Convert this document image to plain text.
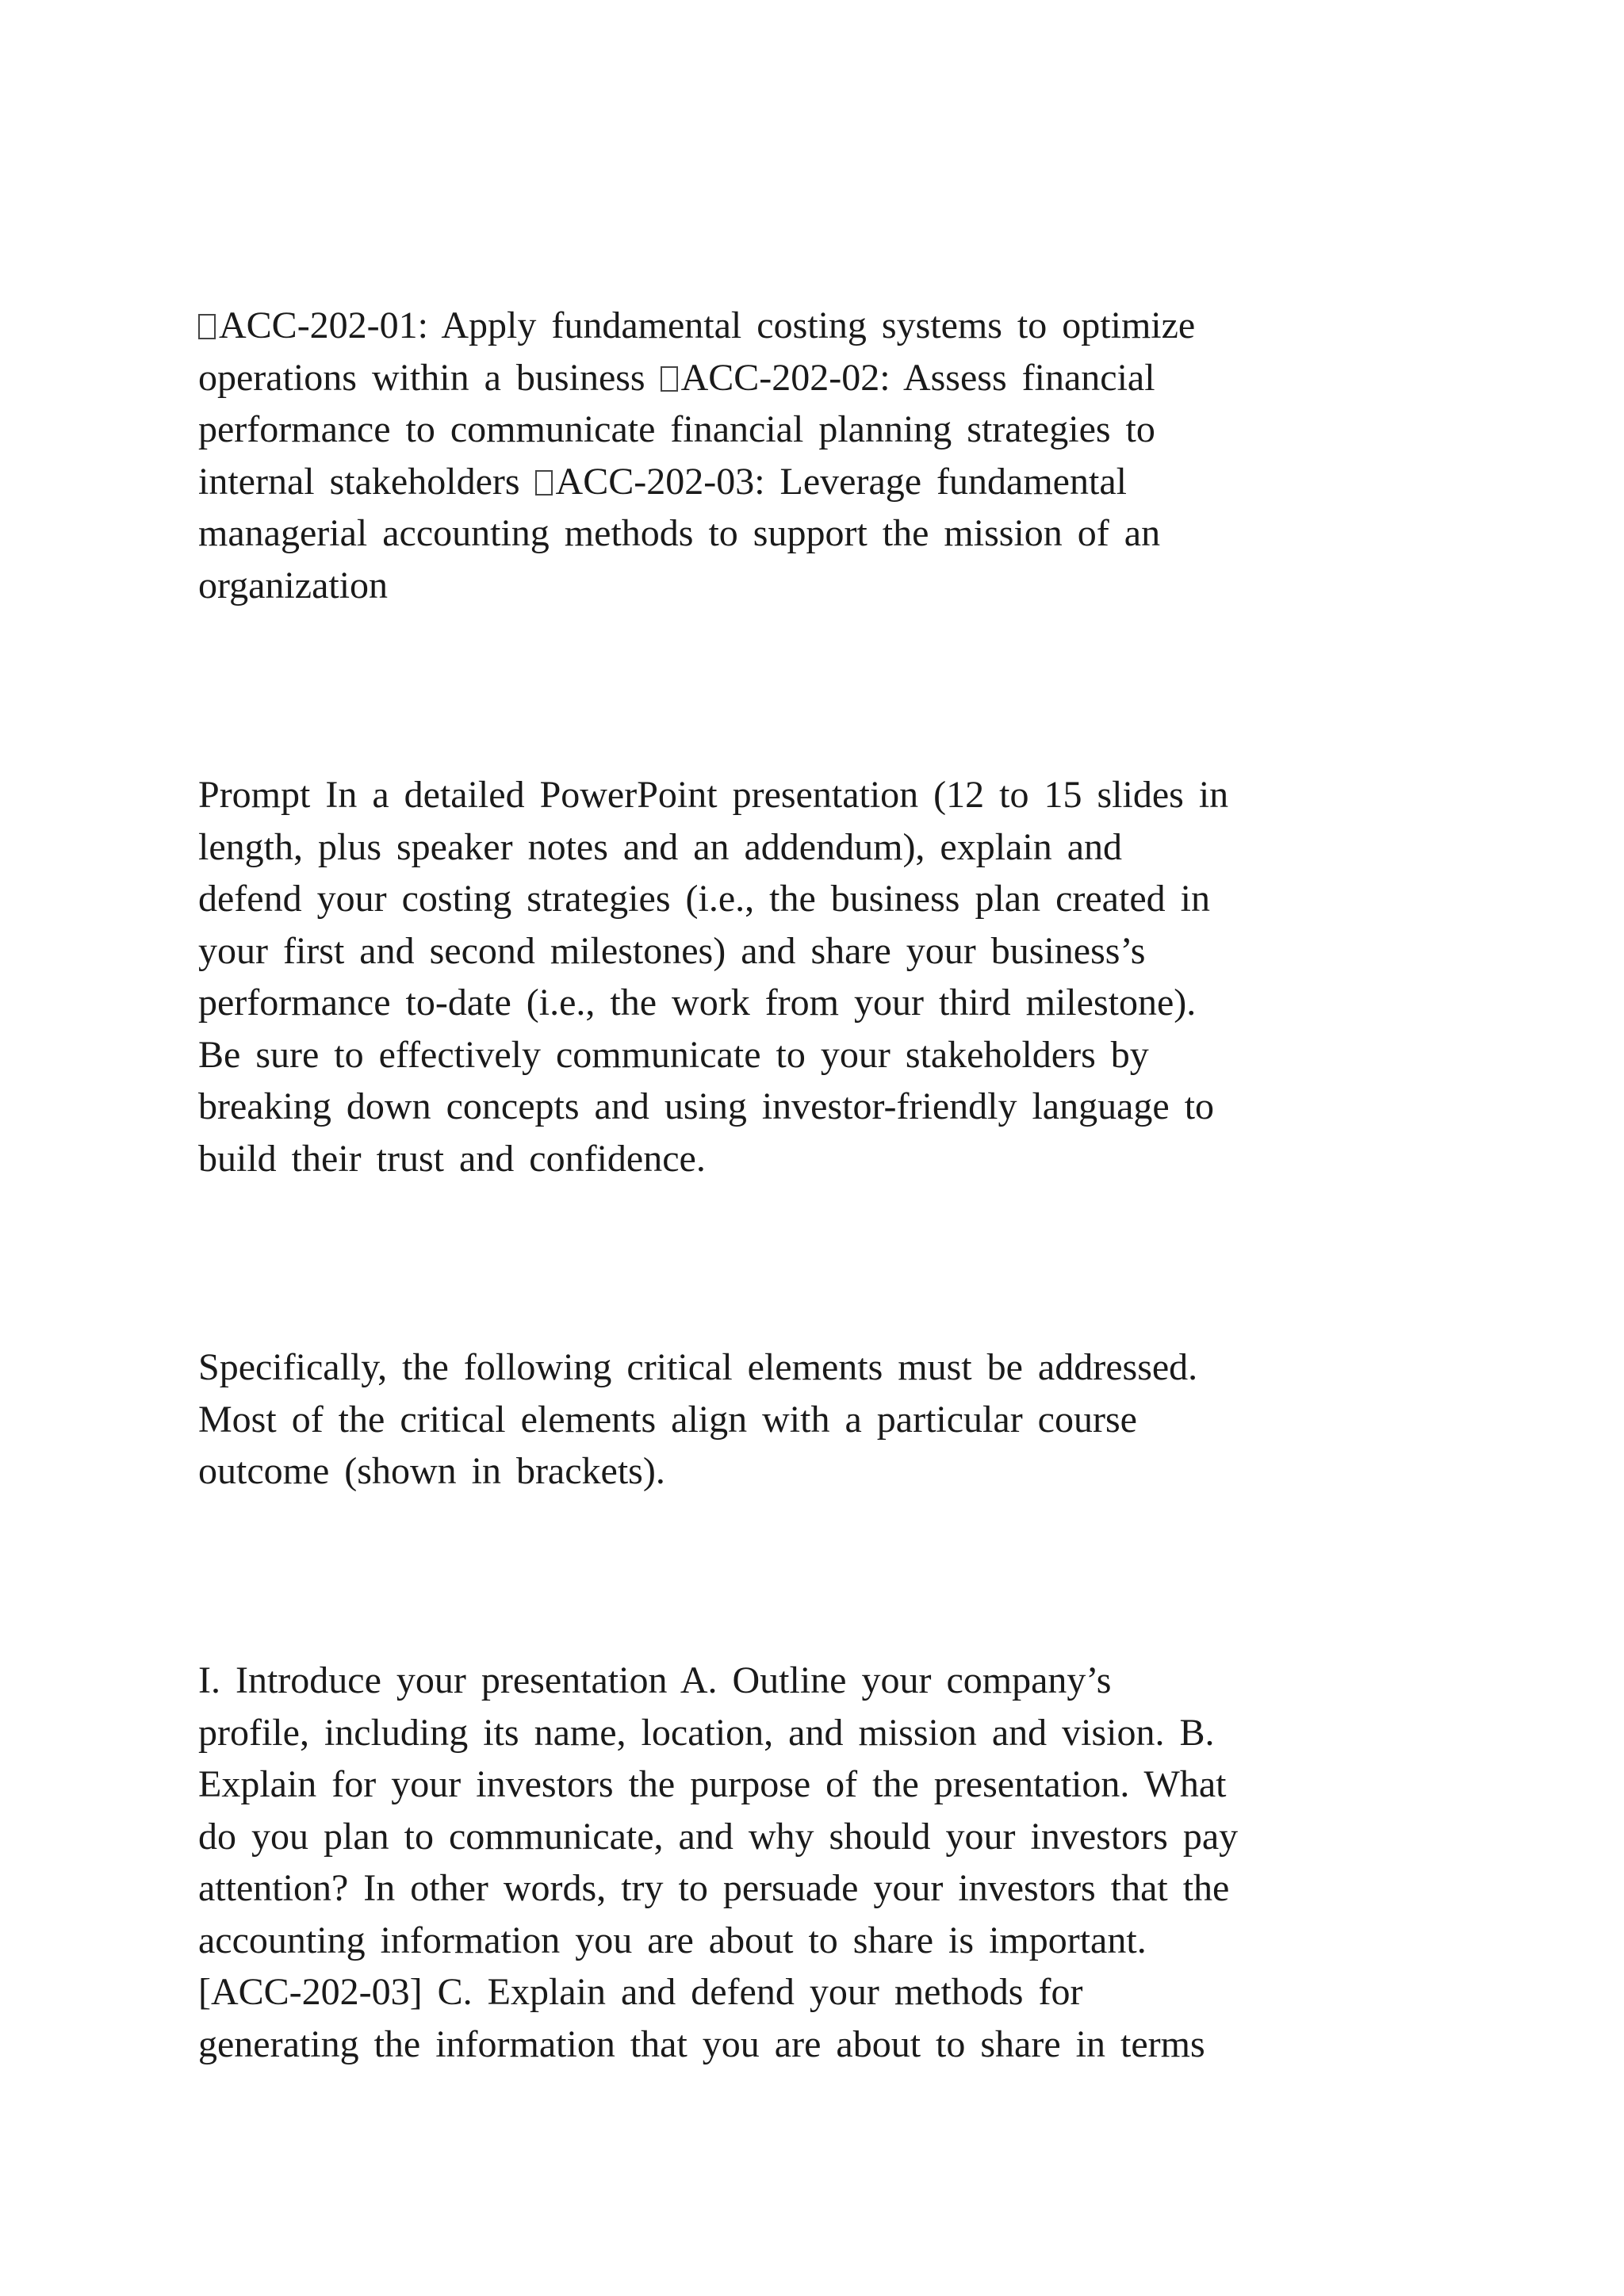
ACC-202-01: Apply fundamental costing systems to optimize
operations within a business ACC-202-02: Assess financial
performance to communicate financial planning strategies to
internal stakeholders ACC-202-03: Leverage fundamental
managerial accounting methods to support the mission of an
organization

Prompt In a detailed PowerPoint presentation (12 to 15 slides in
length, plus speaker notes and an addendum), explain and
defend your costing strategies (i.e., the business plan created in
your first and second milestones) and share your business’s
performance to-date (i.e., the work from your third milestone).
Be sure to effectively communicate to your stakeholders by
breaking down concepts and using investor-friendly language to
build their trust and confidence.

Specifically, the following critical elements must be addressed.
Most of the critical elements align with a particular course
outcome (shown in brackets).

I. Introduce your presentation A. Outline your company’s
profile, including its name, location, and mission and vision. B.
Explain for your investors the purpose of the presentation. What
do you plan to communicate, and why should your investors pay
attention? In other words, try to persuade your investors that the
accounting information you are about to share is important.
[ACC-202-03] C. Explain and defend your methods for
generating the information that you are about to share in terms
